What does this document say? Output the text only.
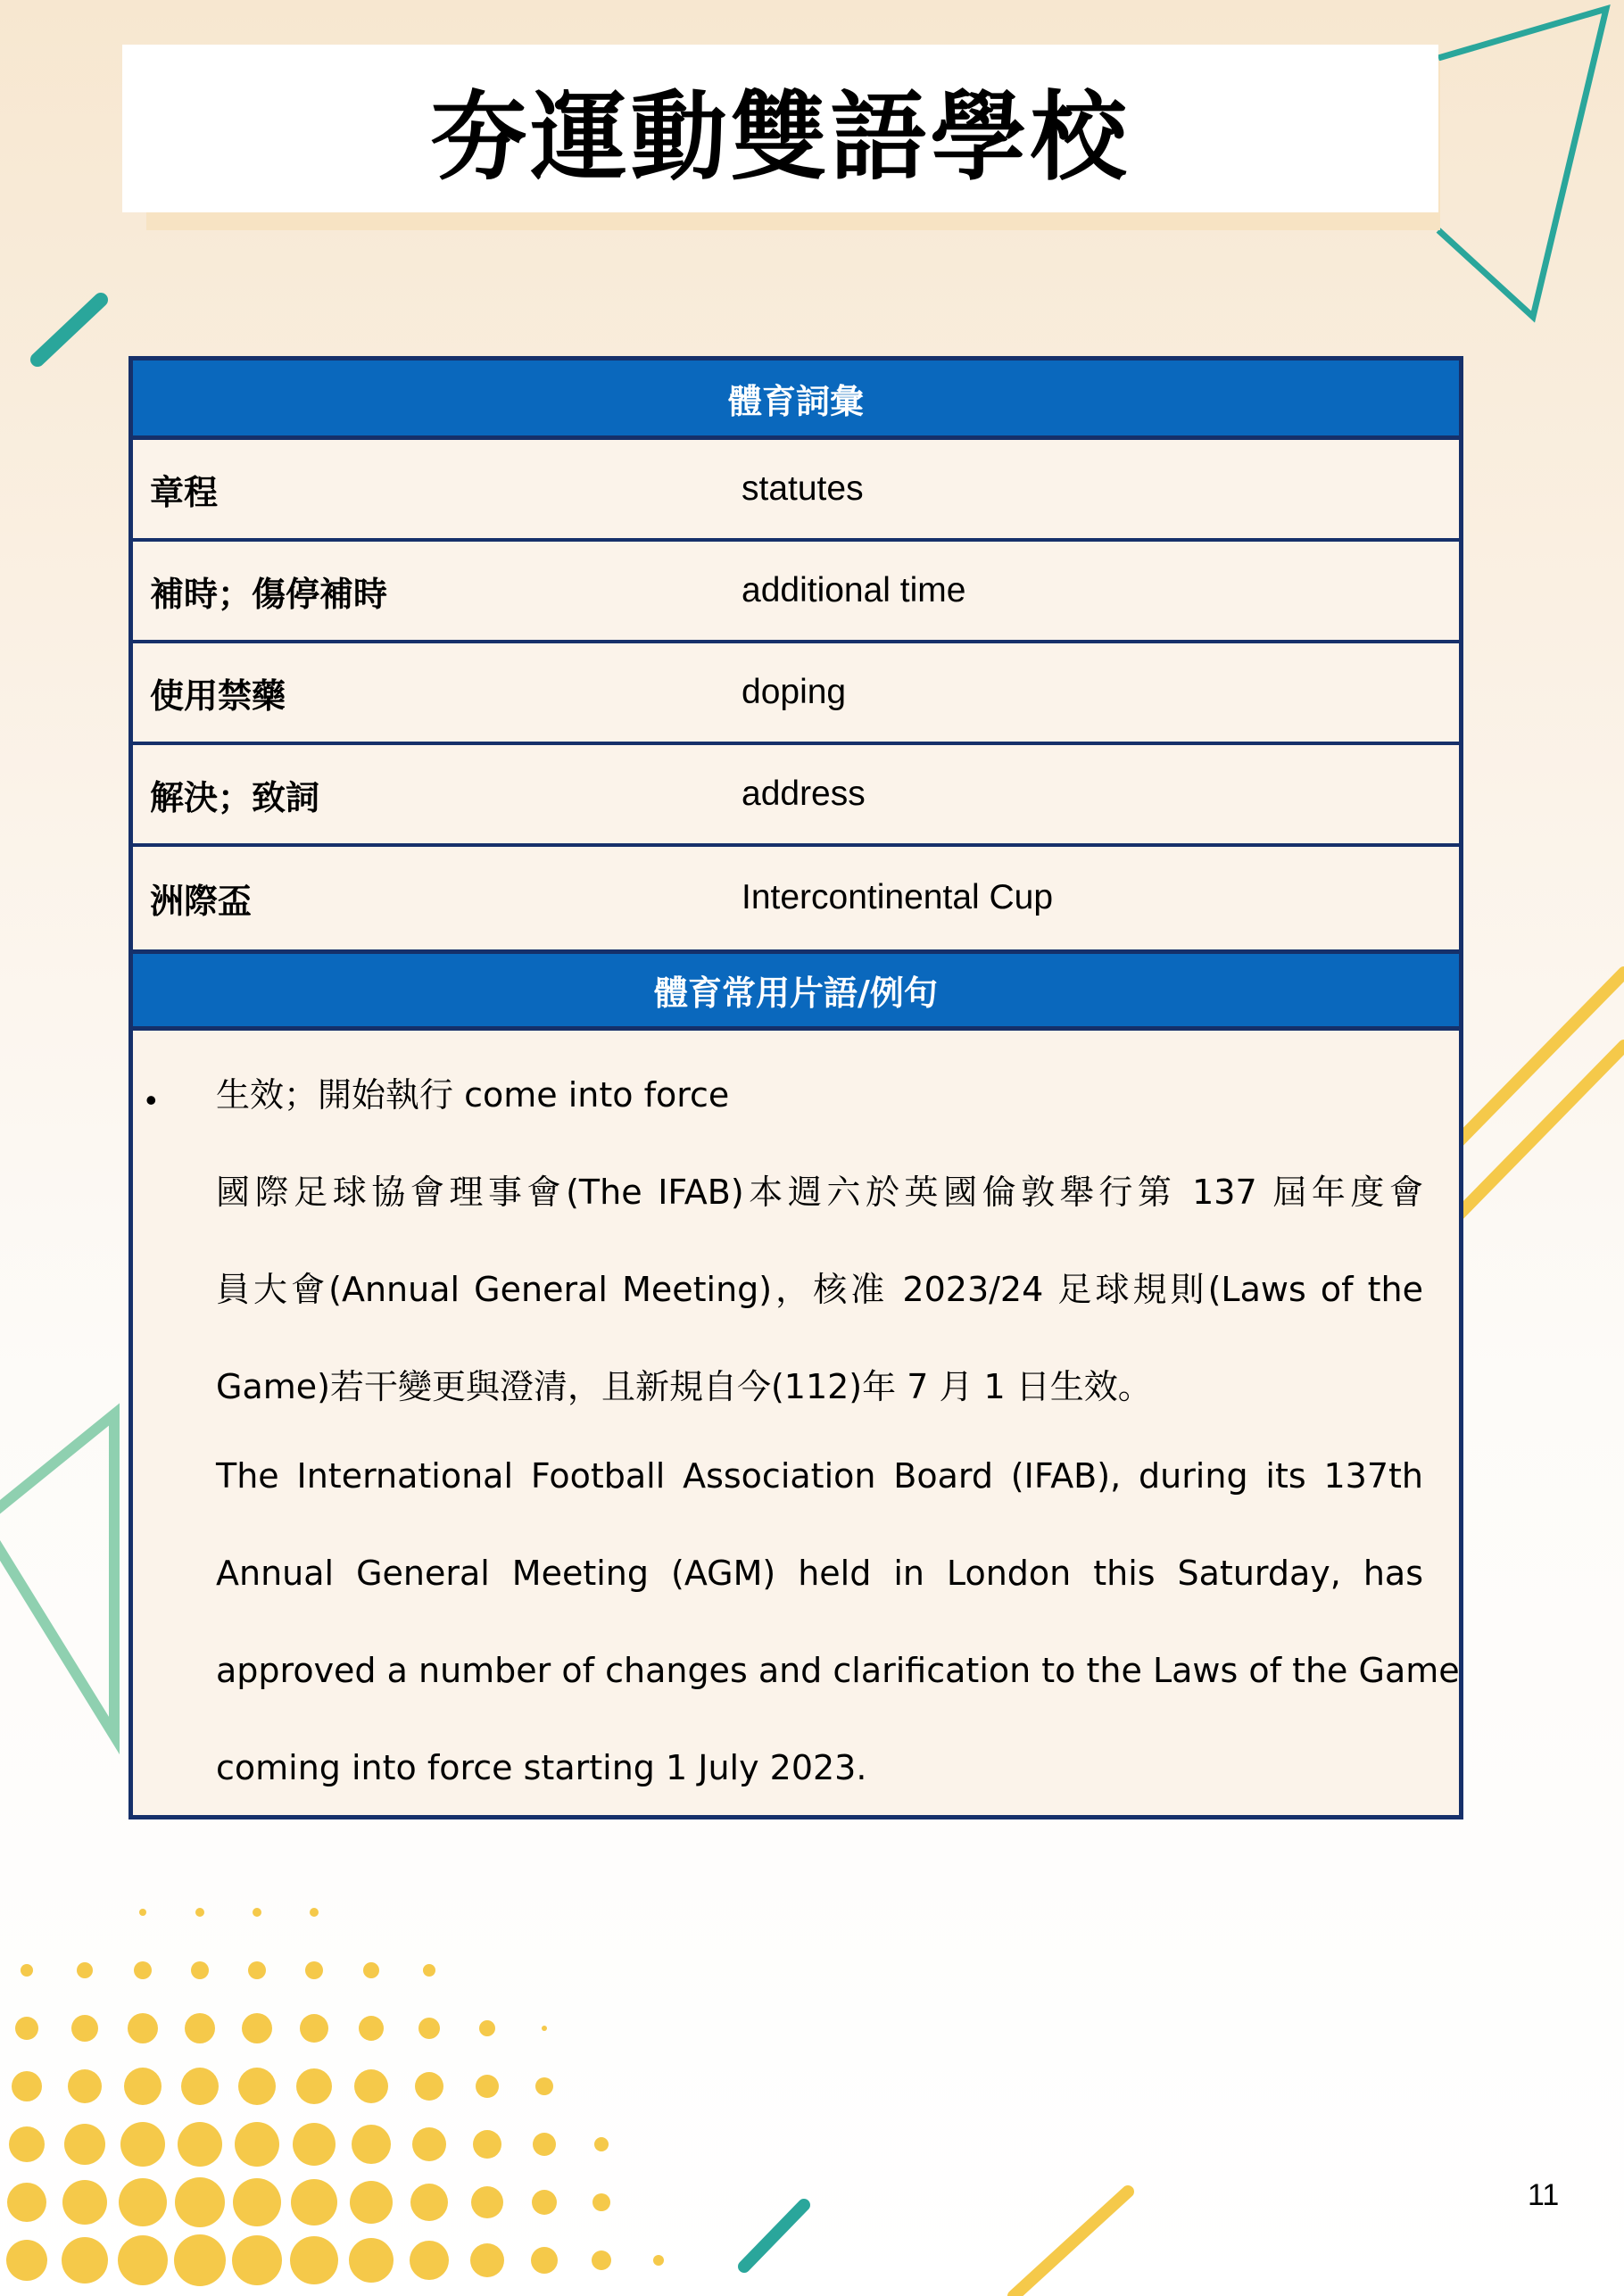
夯運動雙語學校
體育詞彙
章程	statutes
補時；傷停補時	additional time
使用禁藥	doping
解決；致詞	address
洲際盃	Intercontinental Cup
體育常用片語/例句
• 生效；開始執行 come into force
國際足球協會理事會(The IFAB)本週六於英國倫敦舉行第 137 屆年度會
員大會(Annual General Meeting)，核准 2023/24 足球規則(Laws of the
Game)若干變更與澄清，且新規自今(112)年 7 月 1 日生效。
The International Football Association Board (IFAB), during its 137th
Annual General Meeting (AGM) held in London this Saturday, has
approved a number of changes and clarification to the Laws of the Game
coming into force starting 1 July 2023.
11
